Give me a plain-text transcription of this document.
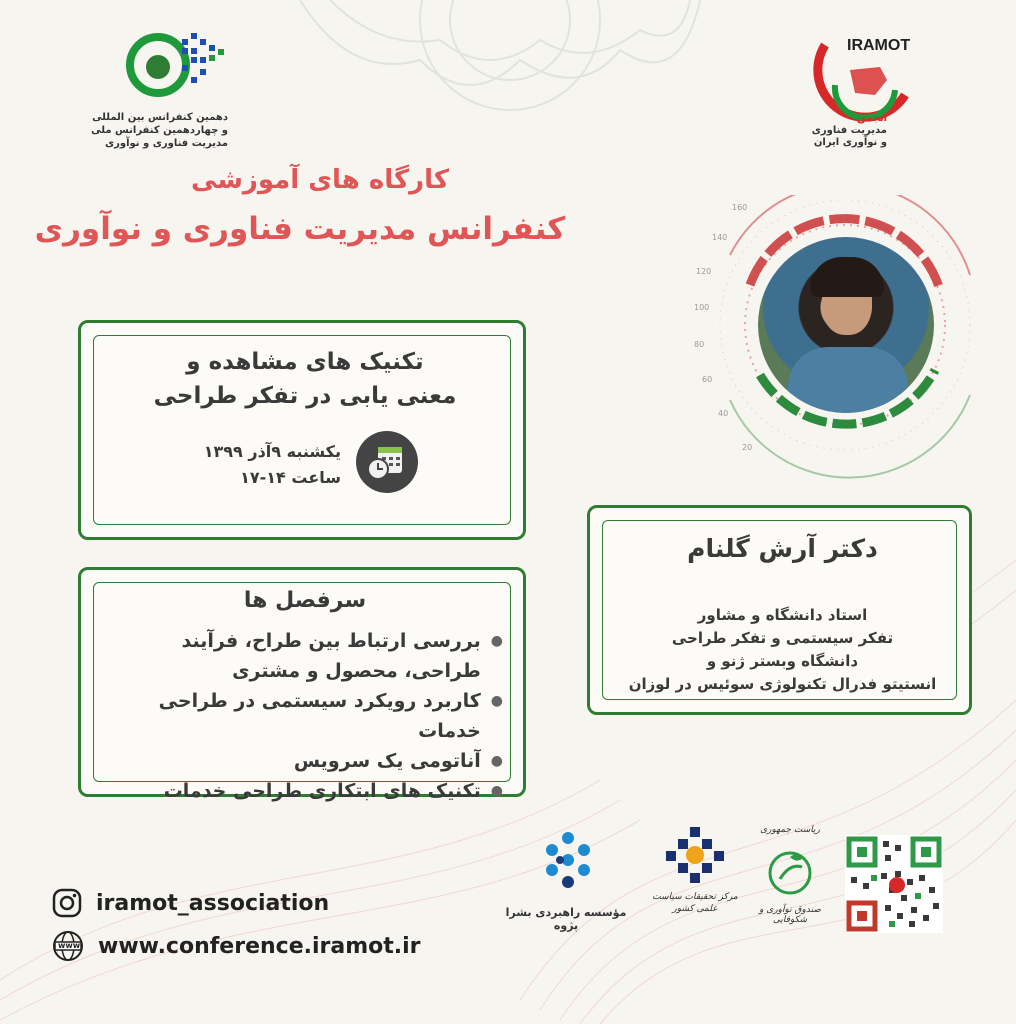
دهمین کنفرانس بین المللی
و چهاردهمین کنفرانس ملی
مدیریت فناوری و نوآوری
IRAMOT
انجمن
مدیریت فناوری
و نوآوری ایران
کارگاه های آموزشی
کنفرانس مدیریت فناوری و نوآوری
20
40
60
80
100
120
140
160
تکنیک های مشاهده و
معنی یابی در تفکر طراحی
یکشنبه ۹آذر ۱۳۹۹
ساعت ۱۴-۱۷
دکتر آرش گلنام
استاد دانشگاه و مشاور
تفکر سیستمی و تفکر طراحی
دانشگاه وبستر ژنو و
انستیتو فدرال تکنولوژی سوئیس در لوزان
سرفصل ها
●
بررسی ارتباط بین طراح، فرآیند طراحی، محصول و مشتری
●
کاربرد رویکرد سیستمی در طراحی خدمات
●
آناتومی یک سرویس
●
تکنیک های ابتکاری طراحی خدمات
مؤسسه راهبردی بشرا پژوه
مرکز تحقیقات سیاست علمی کشور
ریاست جمهوری
صندوق نوآوری و شکوفایی
iramot_association
www www.conference.iramot.ir
